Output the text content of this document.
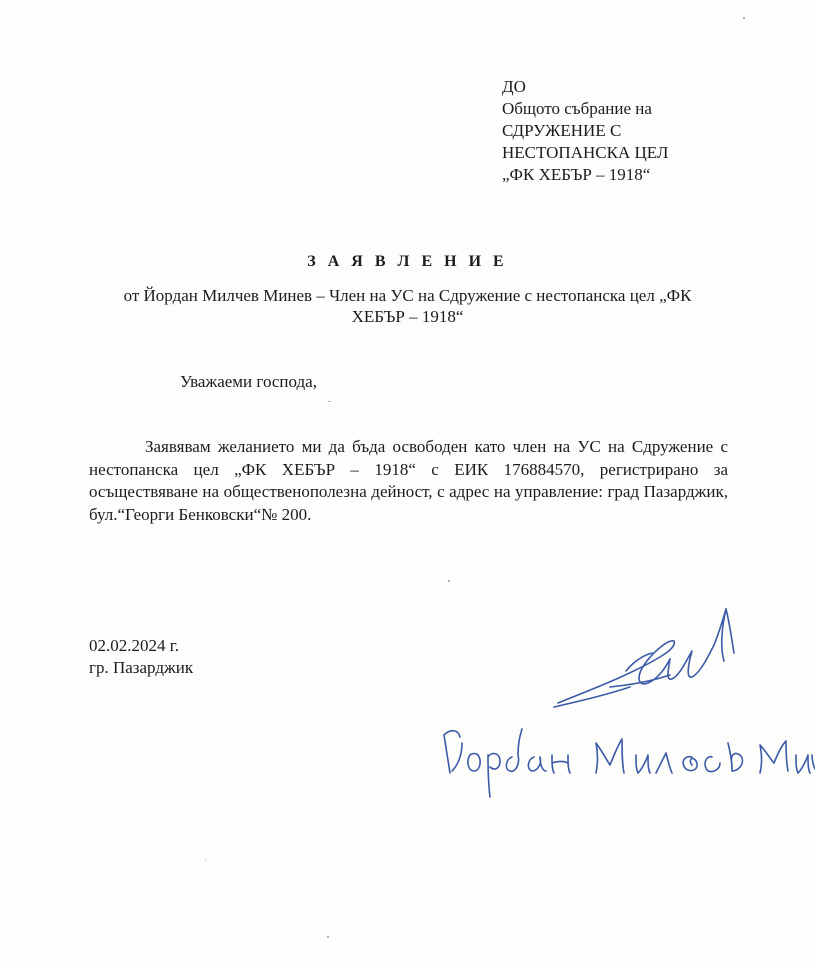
ДО
Общото събрание на
СДРУЖЕНИЕ С
НЕСТОПАНСКА ЦЕЛ
„ФК ХЕБЪР – 1918“
З А Я В Л Е Н И Е
от Йордан Милчев Минев – Член на УС на Сдружение с нестопанска цел „ФК ХЕБЪР – 1918“
Уважаеми господа,
Заявявам желанието ми да бъда освободен като член на УС на Сдружение с нестопанска цел „ФК ХЕБЪР – 1918“ с ЕИК 176884570, регистрирано за осъществяване на общественополезна дейност, с адрес на управление: град Пазарджик, бул.“Георги Бенковски“№ 200.
02.02.2024 г.
гр. Пазарджик
